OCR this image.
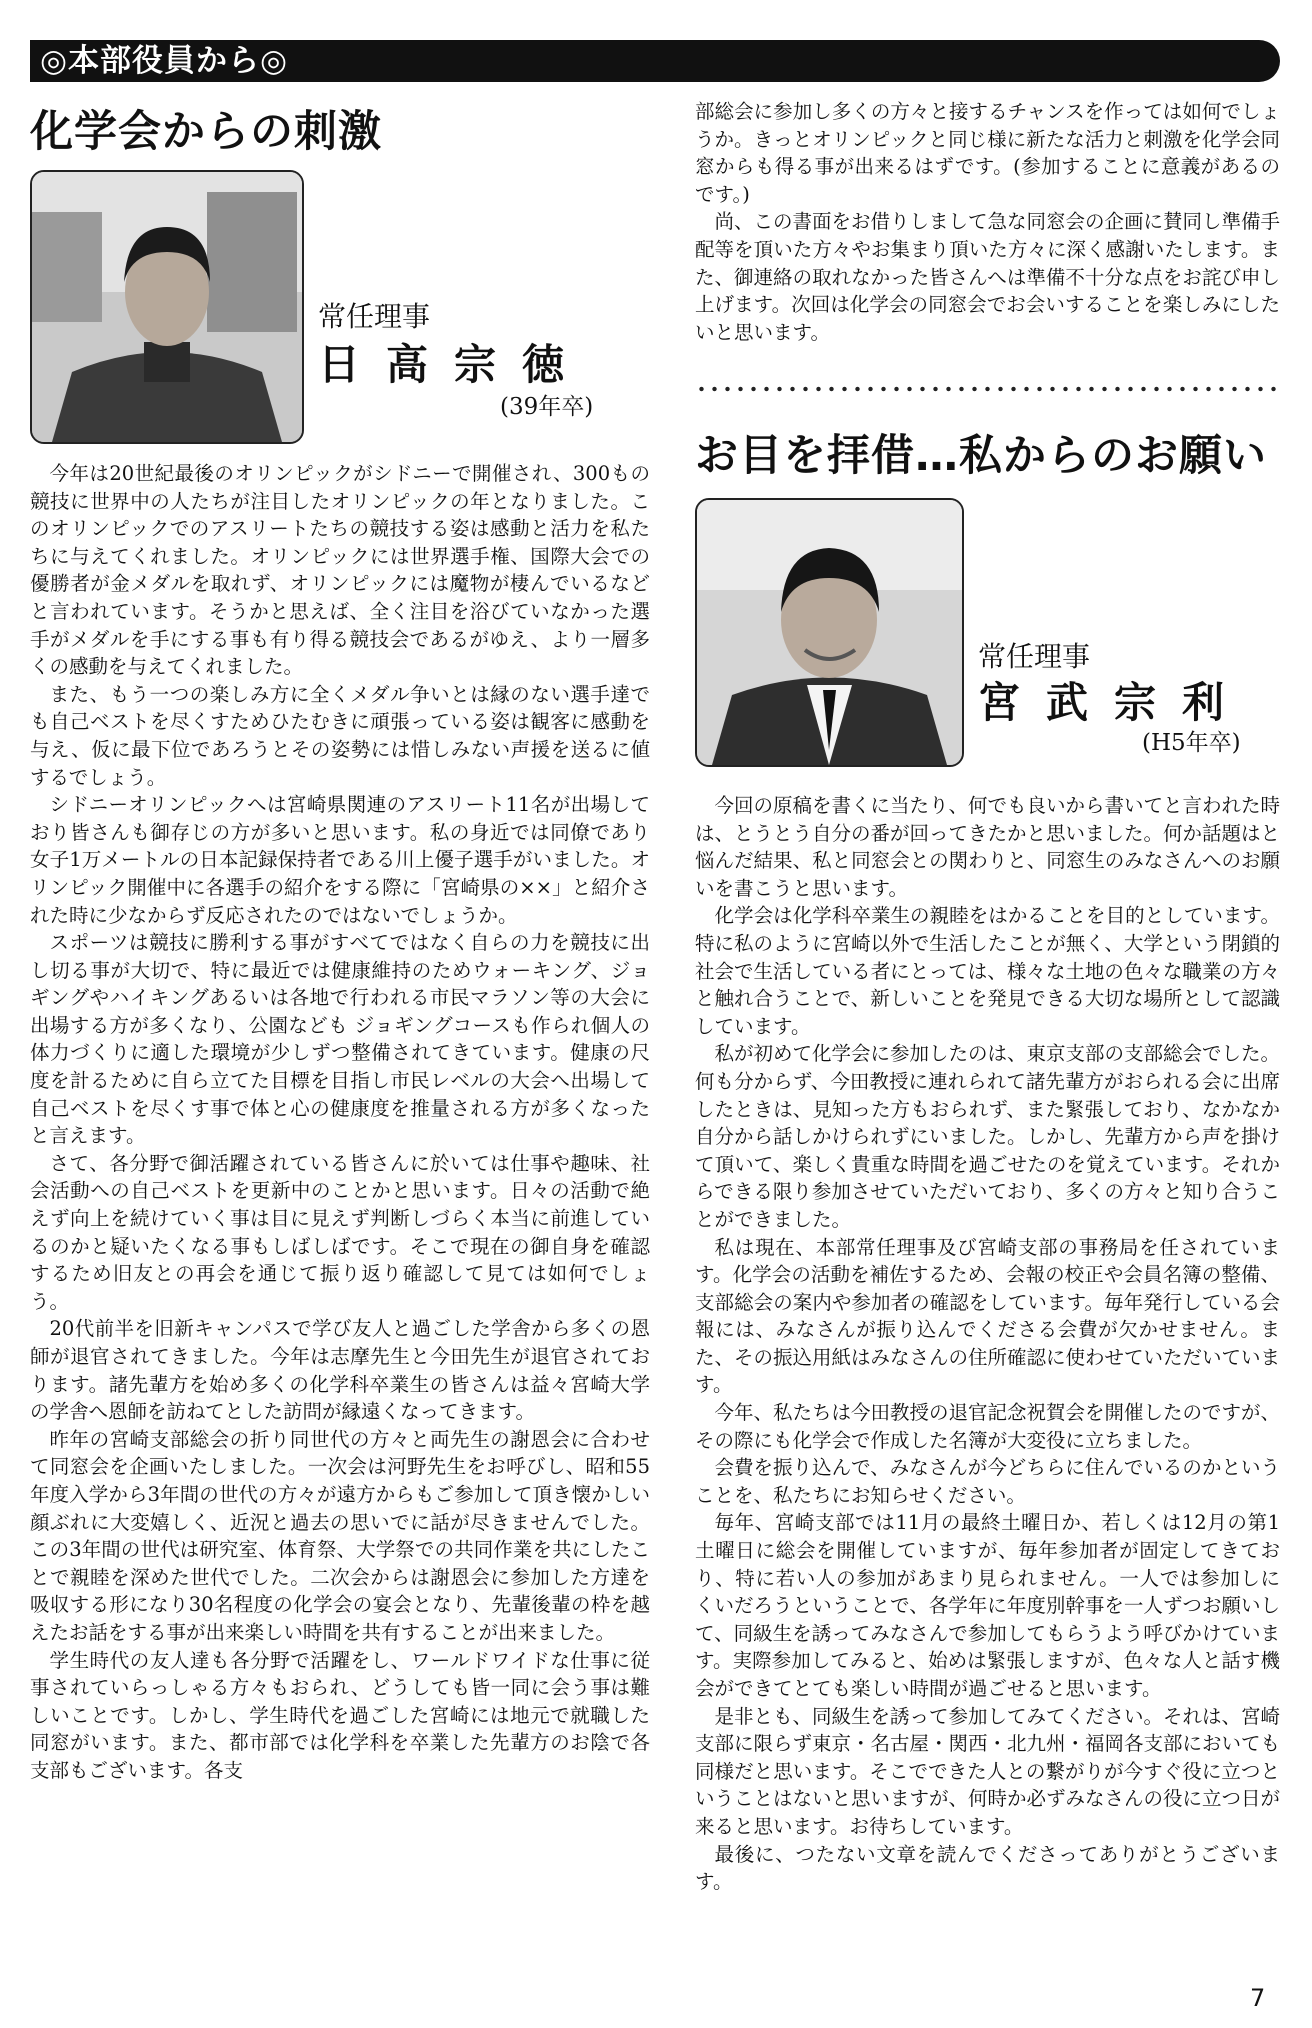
◎本部役員から◎
化学会からの刺激
常任理事
日高宗徳
(39年卒)

今年は20世紀最後のオリンピックがシドニーで開催され、300もの競技に世界中の人たちが注目したオリンピックの年となりました。このオリンピックでのアスリートたちの競技する姿は感動と活力を私たちに与えてくれました。オリンピックには世界選手権、国際大会での優勝者が金メダルを取れず、オリンピックには魔物が棲んでいるなどと言われています。そうかと思えば、全く注目を浴びていなかった選手がメダルを手にする事も有り得る競技会であるがゆえ、より一層多くの感動を与えてくれました。

また、もう一つの楽しみ方に全くメダル争いとは縁のない選手達でも自己ベストを尽くすためひたむきに頑張っている姿は観客に感動を与え、仮に最下位であろうとその姿勢には惜しみない声援を送るに値するでしょう。

シドニーオリンピックへは宮崎県関連のアスリート11名が出場しており皆さんも御存じの方が多いと思います。私の身近では同僚であり女子1万メートルの日本記録保持者である川上優子選手がいました。オリンピック開催中に各選手の紹介をする際に「宮崎県の××」と紹介された時に少なからず反応されたのではないでしょうか。

スポーツは競技に勝利する事がすべてではなく自らの力を競技に出し切る事が大切で、特に最近では健康維持のためウォーキング、ジョギングやハイキングあるいは各地で行われる市民マラソン等の大会に出場する方が多くなり、公園なども ジョギングコースも作られ個人の体力づくりに適した環境が少しずつ整備されてきています。健康の尺度を計るために自ら立てた目標を目指し市民レベルの大会へ出場して自己ベストを尽くす事で体と心の健康度を推量される方が多くなったと言えます。

さて、各分野で御活躍されている皆さんに於いては仕事や趣味、社会活動への自己ベストを更新中のことかと思います。日々の活動で絶えず向上を続けていく事は目に見えず判断しづらく本当に前進しているのかと疑いたくなる事もしばしばです。そこで現在の御自身を確認するため旧友との再会を通じて振り返り確認して見ては如何でしょう。

20代前半を旧新キャンパスで学び友人と過ごした学舎から多くの恩師が退官されてきました。今年は志摩先生と今田先生が退官されております。諸先輩方を始め多くの化学科卒業生の皆さんは益々宮崎大学の学舎へ恩師を訪ねてとした訪問が縁遠くなってきます。

昨年の宮崎支部総会の折り同世代の方々と両先生の謝恩会に合わせて同窓会を企画いたしました。一次会は河野先生をお呼びし、昭和55年度入学から3年間の世代の方々が遠方からもご参加して頂き懐かしい顔ぶれに大変嬉しく、近況と過去の思いでに話が尽きませんでした。この3年間の世代は研究室、体育祭、大学祭での共同作業を共にしたことで親睦を深めた世代でした。二次会からは謝恩会に参加した方達を吸収する形になり30名程度の化学会の宴会となり、先輩後輩の枠を越えたお話をする事が出来楽しい時間を共有することが出来ました。

学生時代の友人達も各分野で活躍をし、ワールドワイドな仕事に従事されていらっしゃる方々もおられ、どうしても皆一同に会う事は難しいことです。しかし、学生時代を過ごした宮崎には地元で就職した同窓がいます。また、都市部では化学科を卒業した先輩方のお陰で各支部もございます。各支

部総会に参加し多くの方々と接するチャンスを作っては如何でしょうか。きっとオリンピックと同じ様に新たな活力と刺激を化学会同窓からも得る事が出来るはずです。(参加することに意義があるのです。)

尚、この書面をお借りしまして急な同窓会の企画に賛同し準備手配等を頂いた方々やお集まり頂いた方々に深く感謝いたします。また、御連絡の取れなかった皆さんへは準備不十分な点をお詫び申し上げます。次回は化学会の同窓会でお会いすることを楽しみにしたいと思います。

お目を拝借…私からのお願い
常任理事
宮武宗利
(H5年卒)

今回の原稿を書くに当たり、何でも良いから書いてと言われた時は、とうとう自分の番が回ってきたかと思いました。何か話題はと悩んだ結果、私と同窓会との関わりと、同窓生のみなさんへのお願いを書こうと思います。

化学会は化学科卒業生の親睦をはかることを目的としています。特に私のように宮崎以外で生活したことが無く、大学という閉鎖的社会で生活している者にとっては、様々な土地の色々な職業の方々と触れ合うことで、新しいことを発見できる大切な場所として認識しています。

私が初めて化学会に参加したのは、東京支部の支部総会でした。何も分からず、今田教授に連れられて諸先輩方がおられる会に出席したときは、見知った方もおられず、また緊張しており、なかなか自分から話しかけられずにいました。しかし、先輩方から声を掛けて頂いて、楽しく貴重な時間を過ごせたのを覚えています。それからできる限り参加させていただいており、多くの方々と知り合うことができました。

私は現在、本部常任理事及び宮崎支部の事務局を任されています。化学会の活動を補佐するため、会報の校正や会員名簿の整備、支部総会の案内や参加者の確認をしています。毎年発行している会報には、みなさんが振り込んでくださる会費が欠かせません。また、その振込用紙はみなさんの住所確認に使わせていただいています。

今年、私たちは今田教授の退官記念祝賀会を開催したのですが、その際にも化学会で作成した名簿が大変役に立ちました。

会費を振り込んで、みなさんが今どちらに住んでいるのかということを、私たちにお知らせください。

毎年、宮崎支部では11月の最終土曜日か、若しくは12月の第1土曜日に総会を開催していますが、毎年参加者が固定してきており、特に若い人の参加があまり見られません。一人では参加しにくいだろうということで、各学年に年度別幹事を一人ずつお願いして、同級生を誘ってみなさんで参加してもらうよう呼びかけています。実際参加してみると、始めは緊張しますが、色々な人と話す機会ができてとても楽しい時間が過ごせると思います。

是非とも、同級生を誘って参加してみてください。それは、宮崎支部に限らず東京・名古屋・関西・北九州・福岡各支部においても同様だと思います。そこでできた人との繋がりが今すぐ役に立つということはないと思いますが、何時か必ずみなさんの役に立つ日が来ると思います。お待ちしています。

最後に、つたない文章を読んでくださってありがとうございます。

7
